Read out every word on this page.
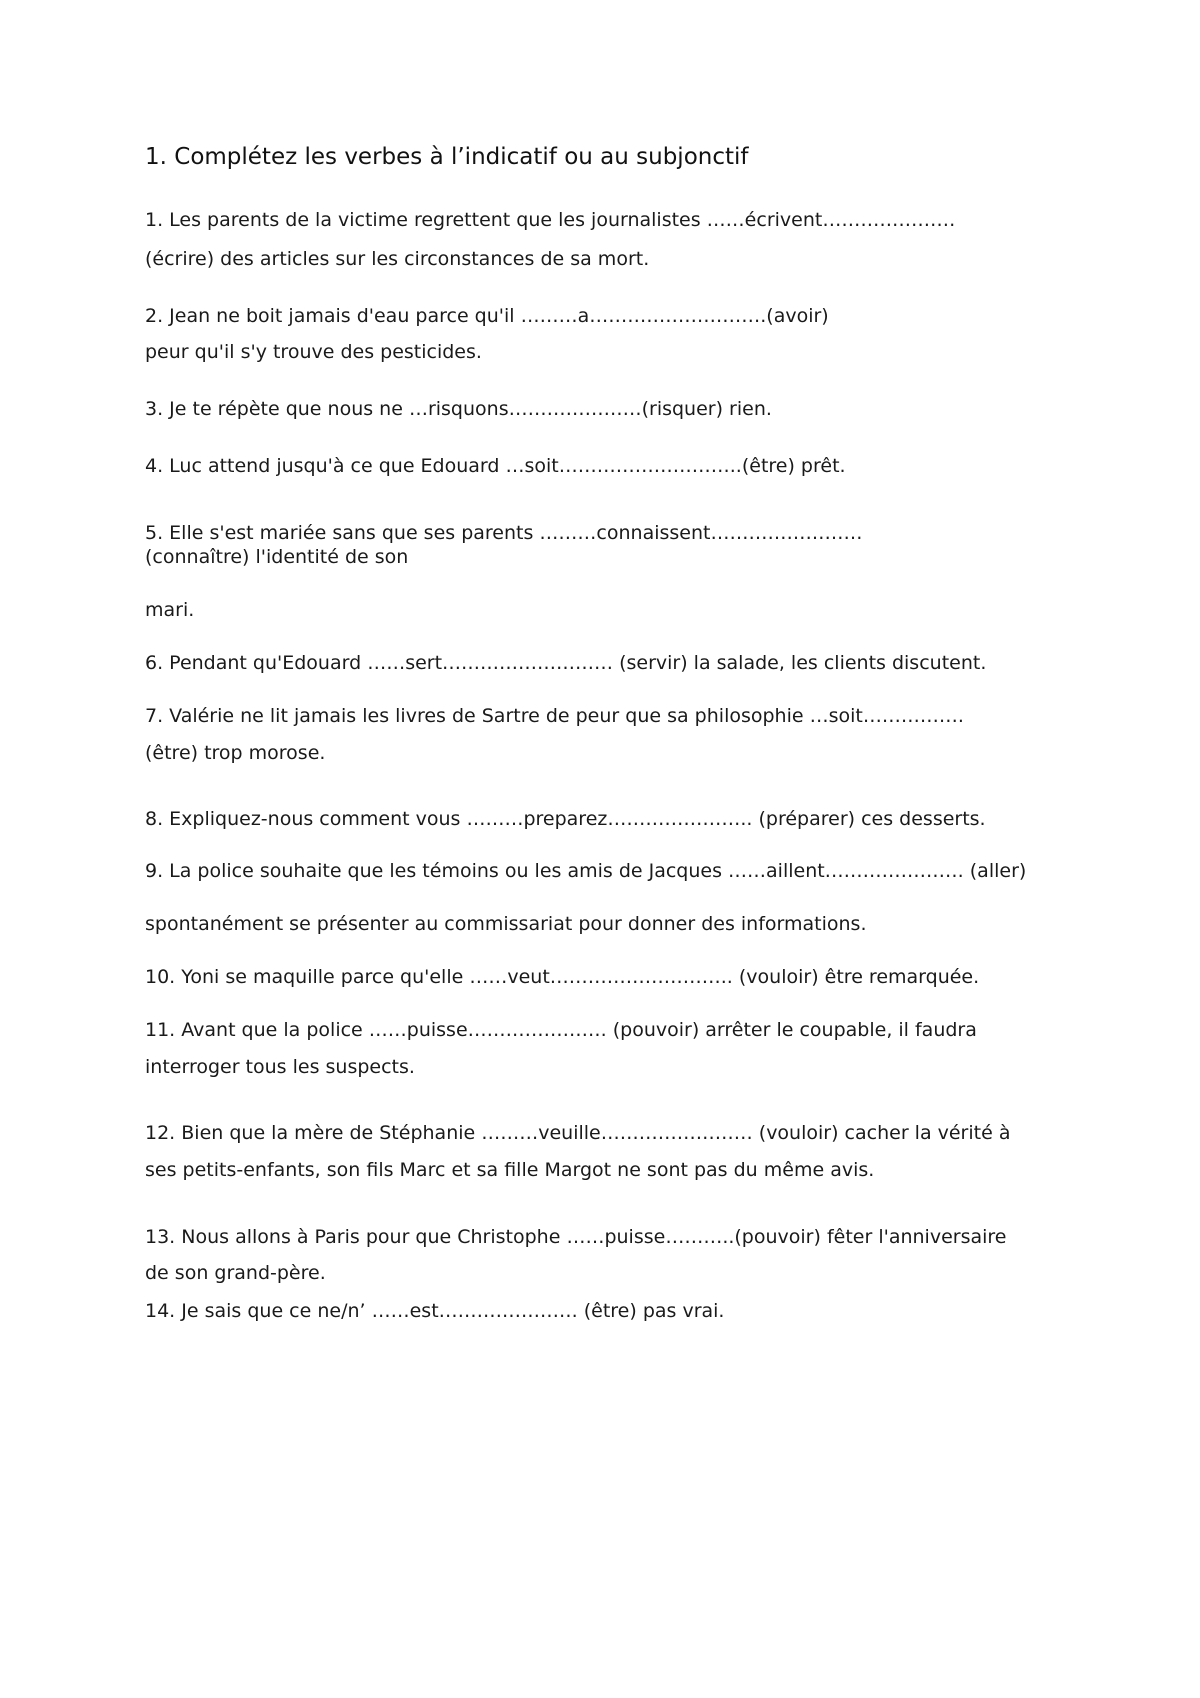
1. Complétez les verbes à l’indicatif ou au subjonctif
1. Les parents de la victime regrettent que les journalistes ……écrivent…………………
(écrire) des articles sur les circonstances de sa mort.
2. Jean ne boit jamais d'eau parce qu'il ………a……………………….(avoir)
peur qu'il s'y trouve des pesticides.
3. Je te répète que nous ne …risquons…………………(risquer) rien.
4. Luc attend jusqu'à ce que Edouard …soit………………………..(être) prêt.
5. Elle s'est mariée sans que ses parents ………connaissent……………………
(connaître) l'identité de son
mari.
6. Pendant qu'Edouard ……sert……………………… (servir) la salade, les clients discutent.
7. Valérie ne lit jamais les livres de Sartre de peur que sa philosophie …soit…………….
(être) trop morose.
8. Expliquez-nous comment vous ………preparez………………….. (préparer) ces desserts.
9. La police souhaite que les témoins ou les amis de Jacques ……aillent…………………. (aller)
spontanément se présenter au commissariat pour donner des informations.
10. Yoni se maquille parce qu'elle ……veut……………………….. (vouloir) être remarquée.
11. Avant que la police ……puisse…………………. (pouvoir) arrêter le coupable, il faudra
interroger tous les suspects.
12. Bien que la mère de Stéphanie ………veuille…………………… (vouloir) cacher la vérité à
ses petits-enfants, son fils Marc et sa fille Margot ne sont pas du même avis.
13. Nous allons à Paris pour que Christophe ……puisse………..(pouvoir) fêter l'anniversaire
de son grand-père.
14. Je sais que ce ne/n’ ……est…………………. (être) pas vrai.
